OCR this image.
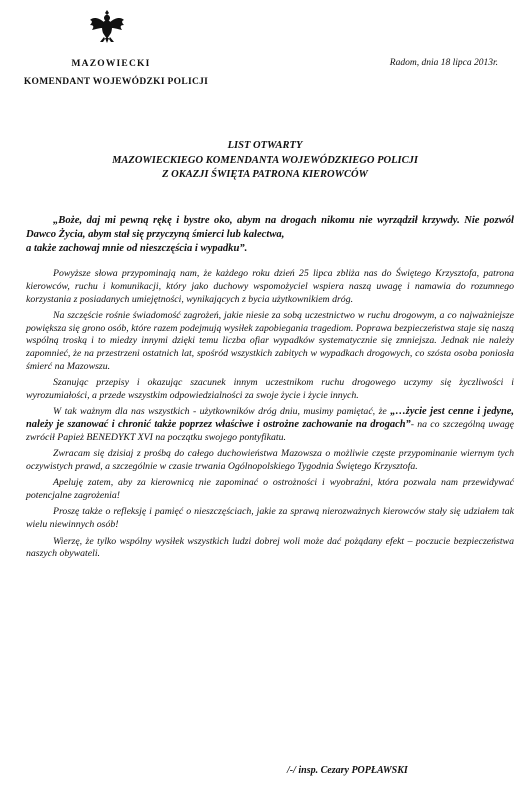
MAZOWIECKI
KOMENDANT WOJEWÓDZKI POLICJI
Radom, dnia 18 lipca 2013r.
LIST OTWARTY
MAZOWIECKIEGO KOMENDANTA WOJEWÓDZKIEGO POLICJI
Z OKAZJI ŚWIĘTA PATRONA KIEROWCÓW
„Boże, daj mi pewną rękę i bystre oko, abym na drogach nikomu nie wyrządził krzywdy. Nie pozwól Dawco Życia, abym stał się przyczyną śmierci lub kalectwa,
a także zachowaj mnie od nieszczęścia i wypadku”.

Powyższe słowa przypominają nam, że każdego roku dzień 25 lipca zbliża nas do Świętego Krzysztofa, patrona kierowców, ruchu i komunikacji, który jako duchowy wspomożyciel wspiera naszą uwagę i namawia do rozumnego korzystania z posiadanych umiejętności, wynikających z bycia użytkownikiem dróg.

Na szczęście rośnie świadomość zagrożeń, jakie niesie za sobą uczestnictwo w ruchu drogowym, a co najważniejsze powiększa się grono osób, które razem podejmują wysiłek zapobiegania tragediom. Poprawa bezpieczeństwa staje się naszą wspólną troską i to miedzy innymi dzięki temu liczba ofiar wypadków systematycznie się zmniejsza. Jednak nie należy zapomnieć, że na przestrzeni ostatnich lat, spośród wszystkich zabitych w wypadkach drogowych, co szósta osoba poniosła śmierć na Mazowszu.

Szanując przepisy i okazując szacunek innym uczestnikom ruchu drogowego uczymy się życzliwości i wyrozumiałości, a przede wszystkim odpowiedzialności za swoje życie i życie innych.

W tak ważnym dla nas wszystkich - użytkowników dróg dniu, musimy pamiętać, że „…życie jest cenne i jedyne, należy je szanować i chronić także poprzez właściwe i ostrożne zachowanie na drogach”- na co szczególną uwagę zwrócił Papież BENEDYKT XVI na początku swojego pontyfikatu.

Zwracam się dzisiaj z prośbą do całego duchowieństwa Mazowsza o możliwie częste przypominanie wiernym tych oczywistych prawd, a szczególnie w czasie trwania Ogólnopolskiego Tygodnia Świętego Krzysztofa.

Apeluję zatem, aby za kierownicą nie zapominać o ostrożności i wyobraźni, która pozwala nam przewidywać potencjalne zagrożenia!

Proszę także o refleksję i pamięć o nieszczęściach, jakie za sprawą nierozważnych kierowców stały się udziałem tak wielu niewinnych osób!

Wierzę, że tylko wspólny wysiłek wszystkich ludzi dobrej woli może dać pożądany efekt – poczucie bezpieczeństwa naszych obywateli.

/-/ insp. Cezary POPŁAWSKI
